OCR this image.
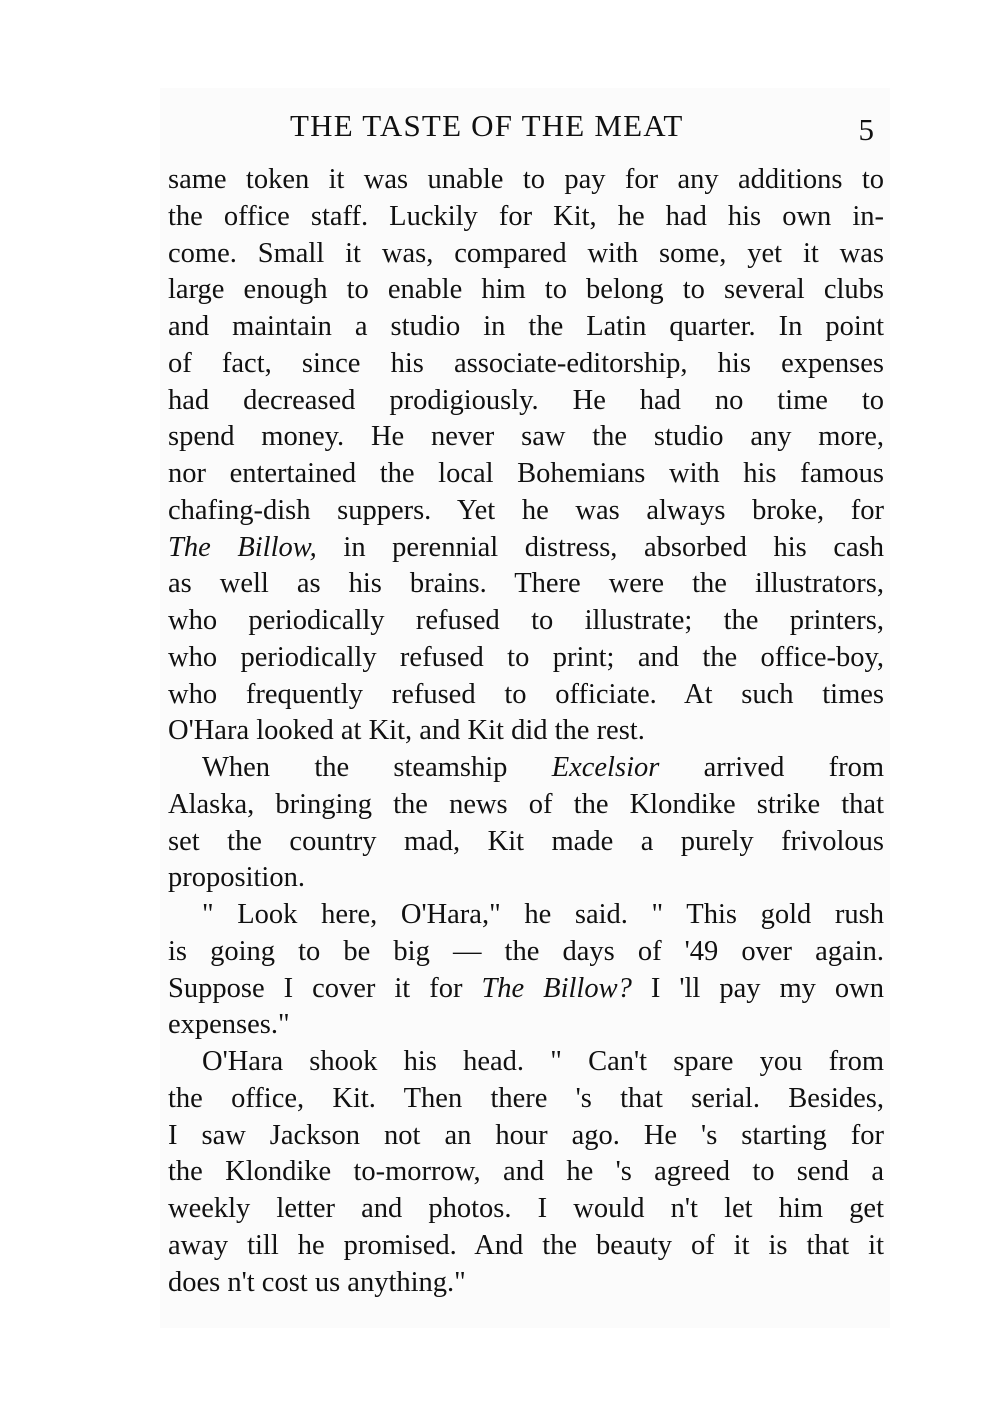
THE TASTE OF THE MEAT	5
same token it was unable to pay for any additions to
the office staff. Luckily for Kit, he had his own in-
come. Small it was, compared with some, yet it was
large enough to enable him to belong to several clubs
and maintain a studio in the Latin quarter. In point
of fact, since his associate-editorship, his expenses
had decreased prodigiously. He had no time to
spend money. He never saw the studio any more,
nor entertained the local Bohemians with his famous
chafing-dish suppers. Yet he was always broke, for
The Billow, in perennial distress, absorbed his cash
as well as his brains. There were the illustrators,
who periodically refused to illustrate; the printers,
who periodically refused to print; and the office-boy,
who frequently refused to officiate. At such times
O'Hara looked at Kit, and Kit did the rest.
When the steamship Excelsior arrived from
Alaska, bringing the news of the Klondike strike that
set the country mad, Kit made a purely frivolous
proposition.
" Look here, O'Hara," he said. " This gold rush
is going to be big — the days of '49 over again.
Suppose I cover it for The Billow? I 'll pay my own
expenses."
O'Hara shook his head. " Can't spare you from
the office, Kit. Then there 's that serial. Besides,
I saw Jackson not an hour ago. He 's starting for
the Klondike to-morrow, and he 's agreed to send a
weekly letter and photos. I would n't let him get
away till he promised. And the beauty of it is that it
does n't cost us anything."
